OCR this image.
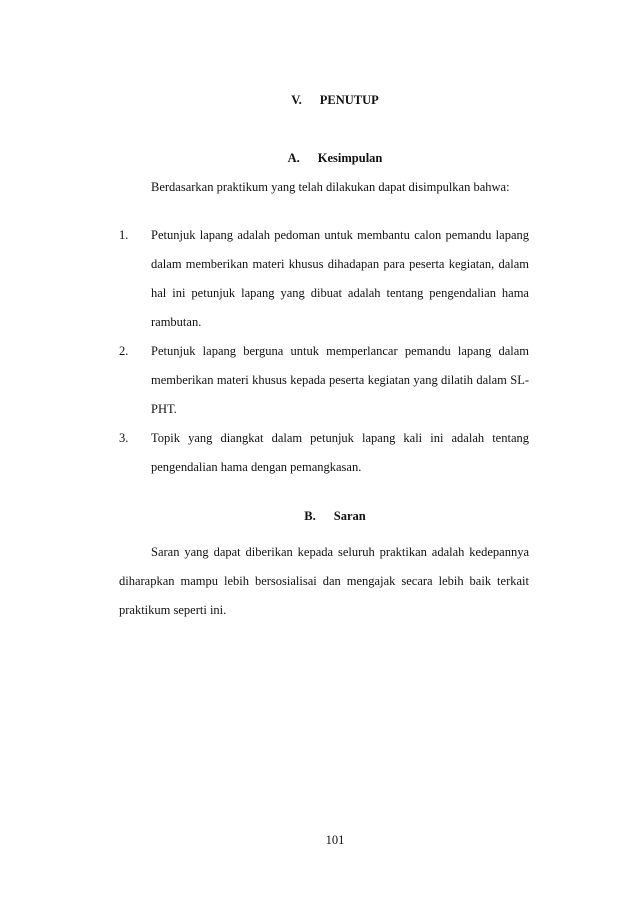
V. PENUTUP
A. Kesimpulan
Berdasarkan praktikum yang telah dilakukan dapat disimpulkan bahwa:
1. Petunjuk lapang adalah pedoman untuk membantu calon pemandu lapang
dalam memberikan materi khusus dihadapan para peserta kegiatan, dalam
hal ini petunjuk lapang yang dibuat adalah tentang pengendalian hama
rambutan.
2. Petunjuk lapang berguna untuk memperlancar pemandu lapang dalam
memberikan materi khusus kepada peserta kegiatan yang dilatih dalam SL-
PHT.
3. Topik yang diangkat dalam petunjuk lapang kali ini adalah tentang
pengendalian hama dengan pemangkasan.
B. Saran
Saran yang dapat diberikan kepada seluruh praktikan adalah kedepannya
diharapkan mampu lebih bersosialisai dan mengajak secara lebih baik terkait
praktikum seperti ini.
101
